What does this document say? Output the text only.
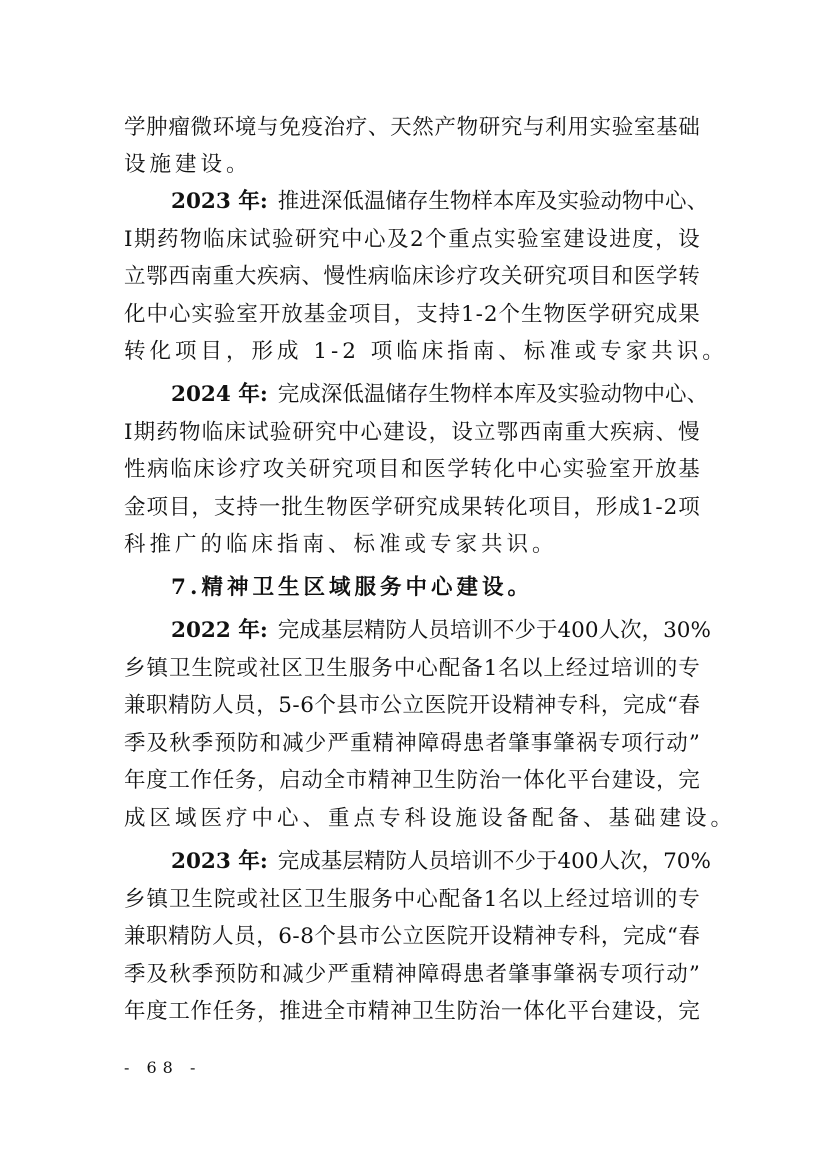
学 肿 瘤 微 环 境 与 免 疫 治 疗 、 天 然 产 物 研 究 与 利 用 实 验 室 基 础
设施建设。
2023 年: 推 进 深 低 温 储 存 生 物 样 本 库 及 实 验 动 物 中 心 、
I 期 药 物 临 床 试 验 研 究 中 心 及 2 个 重 点 实 验 室 建 设 进 度 ， 设
立 鄂 西 南 重 大 疾 病 、 慢 性 病 临 床 诊 疗 攻 关 研 究 项 目 和 医 学 转
化 中 心 实 验 室 开 放 基 金 项 目 ， 支 持 1 - 2 个 生 物 医 学 研 究 成 果
转化项目，形成 1-2 项临床指南、标准或专家共识。
2024 年: 完 成 深 低 温 储 存 生 物 样 本 库 及 实 验 动 物 中 心 、
I 期 药 物 临 床 试 验 研 究 中 心 建 设 ， 设 立 鄂 西 南 重 大 疾 病 、 慢
性 病 临 床 诊 疗 攻 关 研 究 项 目 和 医 学 转 化 中 心 实 验 室 开 放 基
金 项 目 ， 支 持 一 批 生 物 医 学 研 究 成 果 转 化 项 目 ， 形 成 1 - 2 项
科推广的临床指南、标准或专家共识。
7.精神卫生区域服务中心建设。
2022 年: 完 成 基 层 精 防 人 员 培 训 不 少 于 4 0 0 人 次 ， 3 0 %
乡 镇 卫 生 院 或 社 区 卫 生 服 务 中 心 配 备 1 名 以 上 经 过 培 训 的 专
兼 职 精 防 人 员 ， 5 - 6 个 县 市 公 立 医 院 开 设 精 神 专 科 ， 完 成 “ 春
季 及 秋 季 预 防 和 减 少 严 重 精 神 障 碍 患 者 肇 事 肇 祸 专 项 行 动 ”
年 度 工 作 任 务 ， 启 动 全 市 精 神 卫 生 防 治 一 体 化 平 台 建 设 ， 完
成区域医疗中心、重点专科设施设备配备、基础建设。
2023 年: 完 成 基 层 精 防 人 员 培 训 不 少 于 4 0 0 人 次 ， 7 0 %
乡 镇 卫 生 院 或 社 区 卫 生 服 务 中 心 配 备 1 名 以 上 经 过 培 训 的 专
兼 职 精 防 人 员 ， 6 - 8 个 县 市 公 立 医 院 开 设 精 神 专 科 ， 完 成 “ 春
季 及 秋 季 预 防 和 减 少 严 重 精 神 障 碍 患 者 肇 事 肇 祸 专 项 行 动 ”
年 度 工 作 任 务 ， 推 进 全 市 精 神 卫 生 防 治 一 体 化 平 台 建 设 ， 完
- 68 -
